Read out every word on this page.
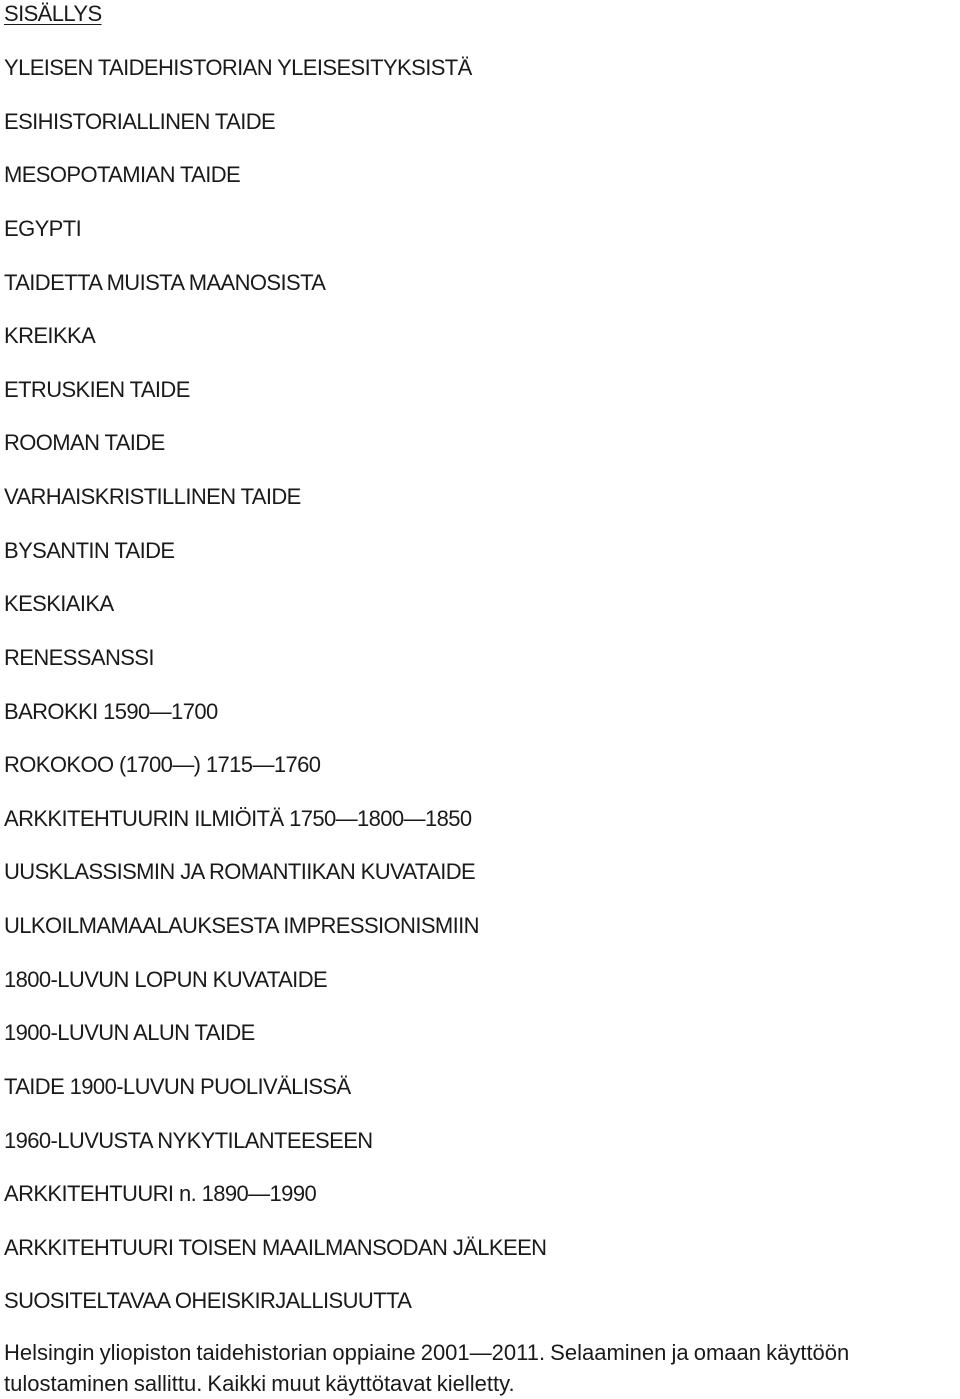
SISÄLLYS
YLEISEN TAIDEHISTORIAN YLEISESITYKSISTÄ
ESIHISTORIALLINEN TAIDE
MESOPOTAMIAN TAIDE
EGYPTI
TAIDETTA MUISTA MAANOSISTA
KREIKKA
ETRUSKIEN TAIDE
ROOMAN TAIDE
VARHAISKRISTILLINEN TAIDE
BYSANTIN TAIDE
KESKIAIKA
RENESSANSSI
BAROKKI 1590—1700
ROKOKOO (1700—) 1715—1760
ARKKITEHTUURIN ILMIÖITÄ 1750—1800—1850
UUSKLASSISMIN JA ROMANTIIKAN KUVATAIDE
ULKOILMAMAALAUKSESTA IMPRESSIONISMIIN
1800-LUVUN LOPUN KUVATAIDE
1900-LUVUN ALUN TAIDE
TAIDE 1900-LUVUN PUOLIVÄLISSÄ
1960-LUVUSTA NYKYTILANTEESEEN
ARKKITEHTUURI n. 1890—1990
ARKKITEHTUURI TOISEN MAAILMANSODAN JÄLKEEN
SUOSITELTAVAA OHEISKIRJALLISUUTTA
Helsingin yliopiston taidehistorian oppiaine 2001—2011. Selaaminen ja omaan käyttöön tulostaminen sallittu. Kaikki muut käyttötavat kielletty.
